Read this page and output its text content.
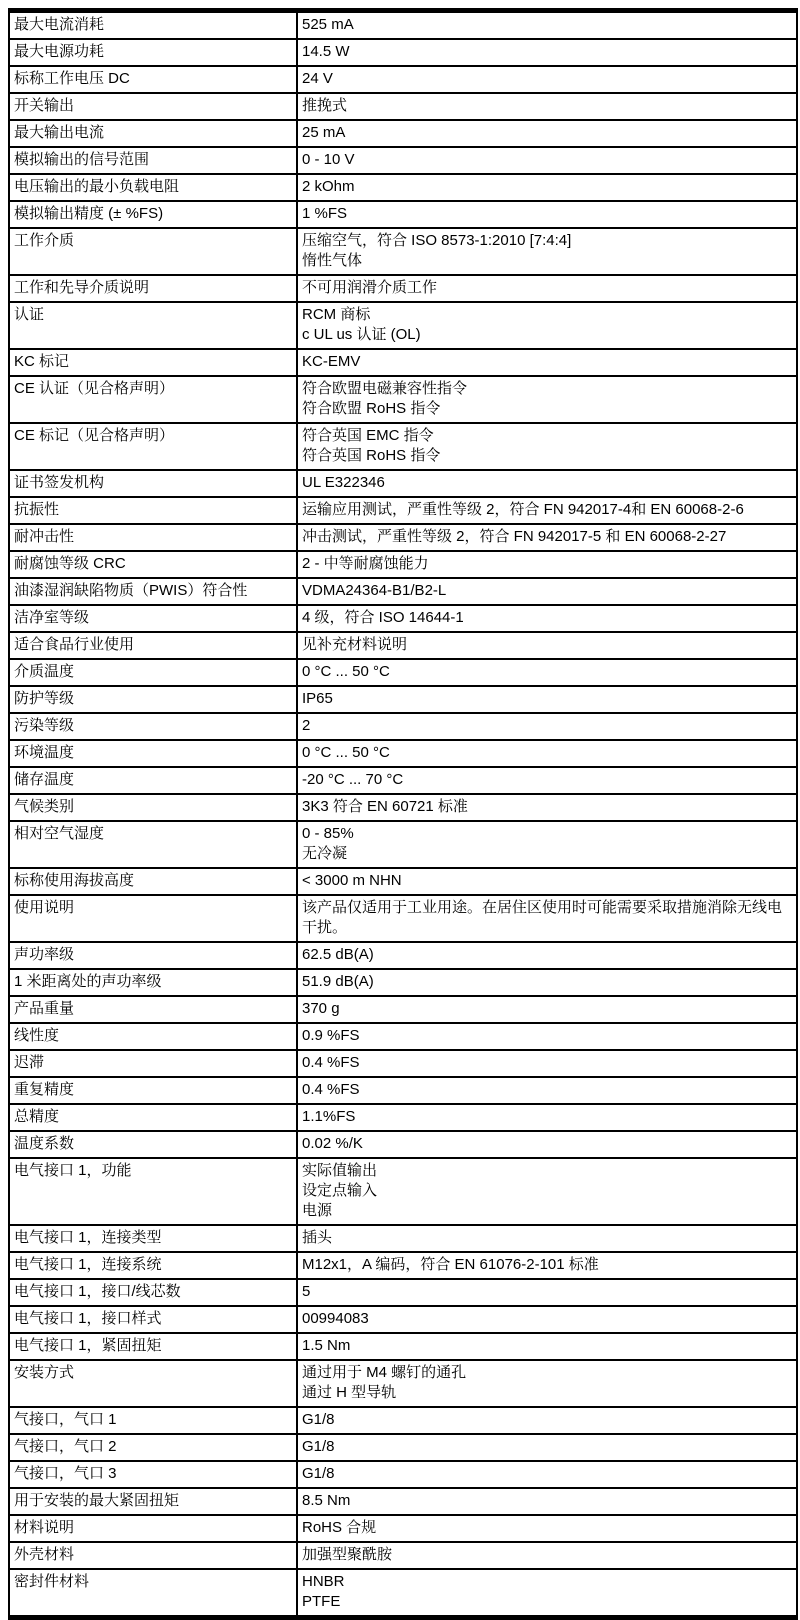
最大电流消耗	525 mA

最大电源功耗	14.5 W

标称工作电压 DC	24 V

开关输出	推挽式

最大输出电流	25 mA

模拟输出的信号范围	0 - 10 V

电压输出的最小负载电阻	2 kOhm

模拟输出精度 (± %FS)	1 %FS

工作介质	压缩空气，符合 ISO 8573-1:2010 [7:4:4]
惰性气体

工作和先导介质说明	不可用润滑介质工作

认证	RCM 商标
c UL us 认证 (OL)

KC 标记	KC-EMV

CE 认证（见合格声明）	符合欧盟电磁兼容性指令
符合欧盟 RoHS 指令

CE 标记（见合格声明）	符合英国 EMC 指令
符合英国 RoHS 指令

证书签发机构	UL E322346

抗振性	运输应用测试，严重性等级 2，符合 FN 942017-4和 EN 60068-2-6

耐冲击性	冲击测试，严重性等级 2，符合 FN 942017-5 和 EN 60068-2-27

耐腐蚀等级 CRC	2 - 中等耐腐蚀能力

油漆湿润缺陷物质（PWIS）符合性	VDMA24364-B1/B2-L

洁净室等级	4 级，符合 ISO 14644-1

适合食品行业使用	见补充材料说明

介质温度	0 °C ... 50 °C

防护等级	IP65

污染等级	2

环境温度	0 °C ... 50 °C

储存温度	-20 °C ... 70 °C

气候类别	3K3 符合 EN 60721 标准

相对空气湿度	0 - 85%
无冷凝

标称使用海拔高度	< 3000 m NHN

使用说明	该产品仅适用于工业用途。在居住区使用时可能需要采取措施消除无线电干扰。

声功率级	62.5 dB(A)

1 米距离处的声功率级	51.9 dB(A)

产品重量	370 g

线性度	0.9 %FS

迟滞	0.4 %FS

重复精度	0.4 %FS

总精度	1.1%FS

温度系数	0.02 %/K

电气接口 1，功能	实际值输出
设定点输入
电源

电气接口 1，连接类型	插头

电气接口 1，连接系统	M12x1，A 编码，符合 EN 61076-2-101 标准

电气接口 1，接口/线芯数	5

电气接口 1，接口样式	00994083

电气接口 1，紧固扭矩	1.5 Nm

安装方式	通过用于 M4 螺钉的通孔
通过 H 型导轨

气接口，气口 1	G1/8

气接口，气口 2	G1/8

气接口，气口 3	G1/8

用于安装的最大紧固扭矩	8.5 Nm

材料说明	RoHS 合规

外壳材料	加强型聚酰胺

密封件材料	HNBR
PTFE
